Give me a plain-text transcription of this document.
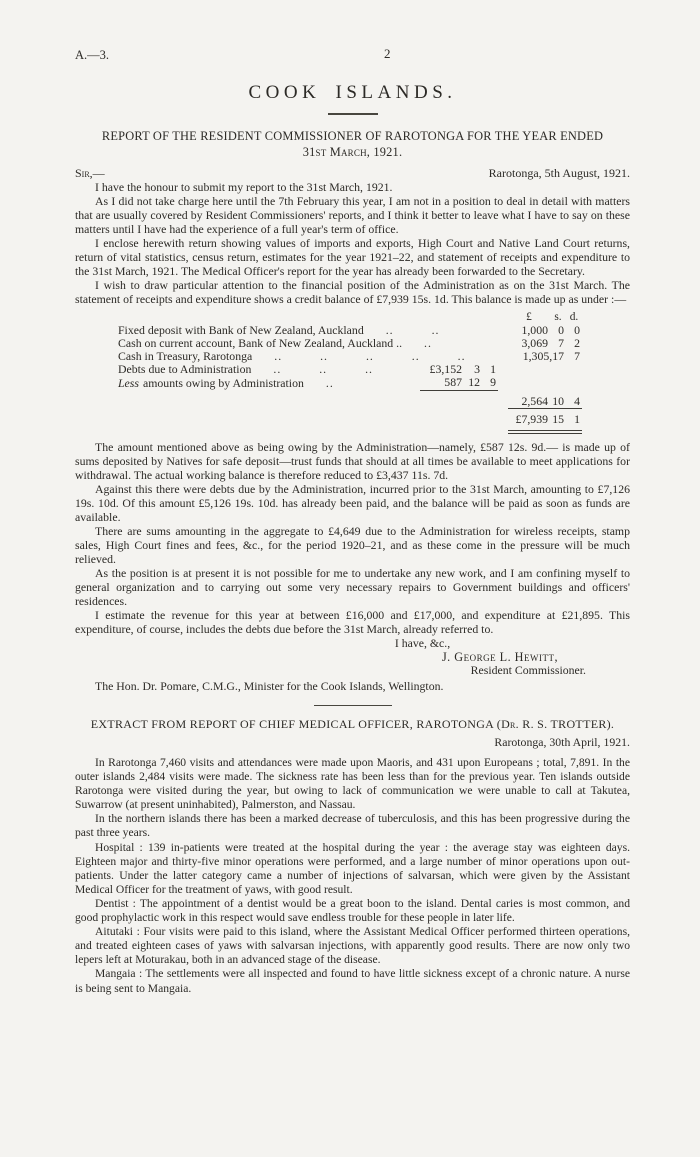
A.—3.	2
COOK ISLANDS.
REPORT OF THE RESIDENT COMMISSIONER OF RAROTONGA FOR THE YEAR ENDED
31st March, 1921.
Sir,—	Rarotonga, 5th August, 1921.

I have the honour to submit my report to the 31st March, 1921.

As I did not take charge here until the 7th February this year, I am not in a position to deal in detail with matters that are usually covered by Resident Commissioners' reports, and I think it better to leave what I have to say on these matters until I have had the experience of a full year's term of office.

I enclose herewith return showing values of imports and exports, High Court and Native Land Court returns, return of vital statistics, census return, estimates for the year 1921–22, and statement of receipts and expenditure to the 31st March, 1921. The Medical Officer's report for the year has already been forwarded to the Secretary.

I wish to draw particular attention to the financial position of the Administration as on the 31st March. The statement of receipts and expenditure shows a credit balance of £7,939 15s. 1d. This balance is made up as under :—

					£	s.	d.
Fixed deposit with Bank of New Zealand, Auckland .. ..					1,000	0	0
Cash on current account, Bank of New Zealand, Auckland .. ..					3,069	7	2
Cash in Treasury, Rarotonga .. .. .. .. ..					1,305,17		7
Debts due to Administration .. .. ..	£3,152	3	1				
Less amounts owing by Administration ..	587	12	9				
					2,564	10	4
					£7,939	15	1

The amount mentioned above as being owing by the Administration—namely, £587 12s. 9d.— is made up of sums deposited by Natives for safe deposit—trust funds that should at all times be available to meet applications for withdrawal. The actual working balance is therefore reduced to £3,437 11s. 7d.

Against this there were debts due by the Administration, incurred prior to the 31st March, amounting to £7,126 19s. 10d. Of this amount £5,126 19s. 10d. has already been paid, and the balance will be paid as soon as funds are available.

There are sums amounting in the aggregate to £4,649 due to the Administration for wireless receipts, stamp sales, High Court fines and fees, &c., for the period 1920–21, and as these come in the pressure will be much relieved.

As the position is at present it is not possible for me to undertake any new work, and I am confining myself to general organization and to carrying out some very necessary repairs to Government buildings and officers' residences.

I estimate the revenue for this year at between £16,000 and £17,000, and expenditure at £21,895. This expenditure, of course, includes the debts due before the 31st March, already referred to.

I have, &c.,
J. George L. Hewitt,
Resident Commissioner.
The Hon. Dr. Pomare, C.M.G., Minister for the Cook Islands, Wellington.
EXTRACT FROM REPORT OF CHIEF MEDICAL OFFICER, RAROTONGA (Dr. R. S. TROTTER).
Rarotonga, 30th April, 1921.

In Rarotonga 7,460 visits and attendances were made upon Maoris, and 431 upon Europeans ; total, 7,891. In the outer islands 2,484 visits were made. The sickness rate has been less than for the previous year. Ten islands outside Rarotonga were visited during the year, but owing to lack of communication we were unable to call at Takutea, Suwarrow (at present uninhabited), Palmerston, and Nassau.

In the northern islands there has been a marked decrease of tuberculosis, and this has been progressive during the past three years.

Hospital : 139 in-patients were treated at the hospital during the year : the average stay was eighteen days. Eighteen major and thirty-five minor operations were performed, and a large number of minor operations upon out-patients. Under the latter category came a number of injections of salvarsan, which were given by the Assistant Medical Officer for the treatment of yaws, with good result.

Dentist : The appointment of a dentist would be a great boon to the island. Dental caries is most common, and good prophylactic work in this respect would save endless trouble for these people in later life.

Aitutaki : Four visits were paid to this island, where the Assistant Medical Officer performed thirteen operations, and treated eighteen cases of yaws with salvarsan injections, with apparently good results. There are now only two lepers left at Moturakau, both in an advanced stage of the disease.

Mangaia : The settlements were all inspected and found to have little sickness except of a chronic nature. A nurse is being sent to Mangaia.
